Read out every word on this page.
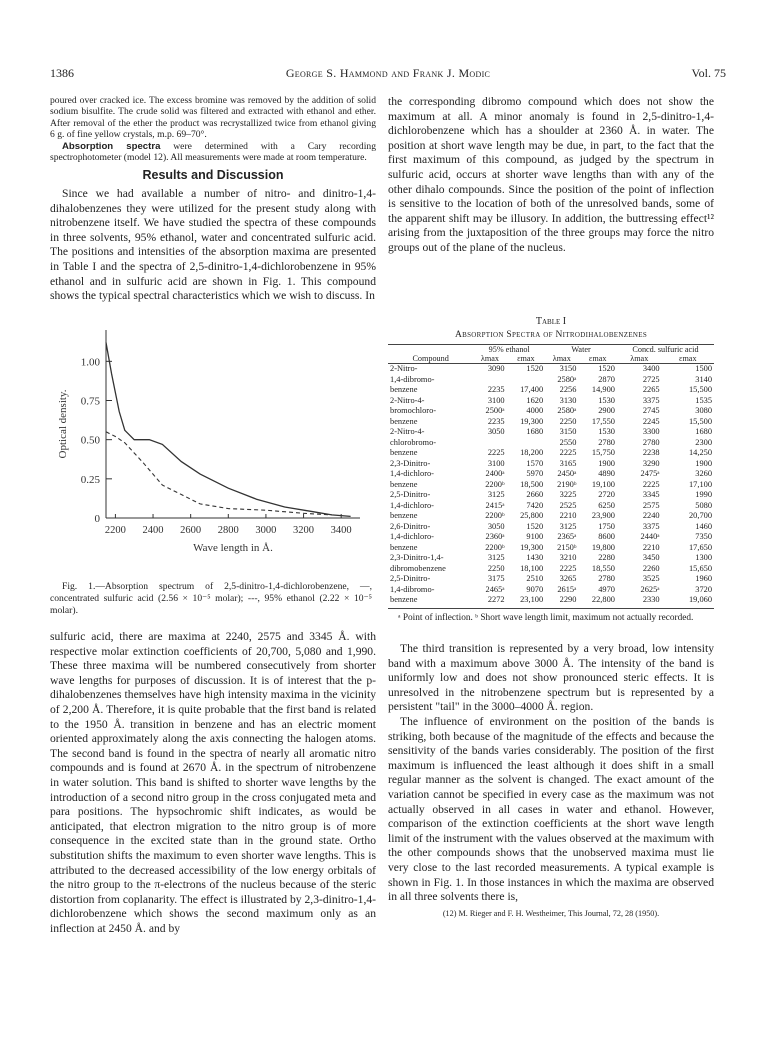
1386	George S. Hammond and Frank J. Modic	Vol. 75

poured over cracked ice. The excess bromine was removed by the addition of solid sodium bisulfite. The crude solid was filtered and extracted with ethanol and ether. After removal of the ether the product was recrystallized twice from ethanol giving 6 g. of fine yellow crystals, m.p. 69–70°.

Absorption spectra were determined with a Cary recording spectrophotometer (model 12). All measurements were made at room temperature.

Results and Discussion

Since we had available a number of nitro- and dinitro-1,4-dihalobenzenes they were utilized for the present study along with nitrobenzene itself. We have studied the spectra of these compounds in three solvents, 95% ethanol, water and concentrated sulfuric acid. The positions and intensities of the absorption maxima are presented in Table I and the spectra of 2,5-dinitro-1,4-dichlorobenzene in 95% ethanol and in sulfuric acid are shown in Fig. 1. This compound shows the typical spectral characteristics which we wish to discuss. In

1.00
0.75
0.50
0.25
0
2200 2400 2600 2800 3000 3200 3400
Wave length in Å.
Optical density.

Fig. 1.—Absorption spectrum of 2,5-dinitro-1,4-dichlorobenzene, —, concentrated sulfuric acid (2.56 × 10⁻⁵ molar); ---, 95% ethanol (2.22 × 10⁻⁵ molar).

sulfuric acid, there are maxima at 2240, 2575 and 3345 Å. with respective molar extinction coefficients of 20,700, 5,080 and 1,990. These three maxima will be numbered consecutively from shorter wave lengths for purposes of discussion. It is of interest that the p-dihalobenzenes themselves have high intensity maxima in the vicinity of 2,200 Å. Therefore, it is quite probable that the first band is related to the 1950 Å. transition in benzene and has an electric moment oriented approximately along the axis connecting the halogen atoms. The second band is found in the spectra of nearly all aromatic nitro compounds and is found at 2670 Å. in the spectrum of nitrobenzene in water solution. This band is shifted to shorter wave lengths by the introduction of a second nitro group in the cross conjugated meta and para positions. The hypsochromic shift indicates, as would be anticipated, that electron migration to the nitro group is of more consequence in the excited state than in the ground state. Ortho substitution shifts the maximum to even shorter wave lengths. This is attributed to the decreased accessibility of the low energy orbitals of the nitro group to the π-electrons of the nucleus because of the steric distortion from coplanarity. The effect is illustrated by 2,3-dinitro-1,4-dichlorobenzene which shows the second maximum only as an inflection at 2450 Å. and by

the corresponding dibromo compound which does not show the maximum at all. A minor anomaly is found in 2,5-dinitro-1,4-dichlorobenzene which has a shoulder at 2360 Å. in water. The position at short wave length may be due, in part, to the fact that the first maximum of this compound, as judged by the spectrum in sulfuric acid, occurs at shorter wave lengths than with any of the other dihalo compounds. Since the position of the point of inflection is sensitive to the location of both of the unresolved bands, some of the apparent shift may be illusory. In addition, the buttressing effect¹² arising from the juxtaposition of the three groups may force the nitro groups out of the plane of the nucleus.

Table I
Absorption Spectra of Nitrodihalobenzenes
Compound	95% ethanol		Water		Concd. sulfuric acid	
	λmax	εmax	λmax	εmax	λmax	εmax
2-Nitro-	3090	1520	3150	1520	3400	1500
1,4-dibromo-			2580ᵃ	2870	2725	3140
benzene	2235	17,400	2256	14,900	2265	15,500
2-Nitro-4-	3100	1620	3130	1530	3375	1535
bromochloro-	2500ᵃ	4000	2580ᵃ	2900	2745	3080
benzene	2235	19,300	2250	17,550	2245	15,500
2-Nitro-4-	3050	1680	3150	1530	3300	1680
chlorobromo-			2550	2780	2780	2300
benzene	2225	18,200	2225	15,750	2238	14,250
2,3-Dinitro-	3100	1570	3165	1900	3290	1900
1,4-dichloro-	2400ᵃ	5970	2450ᵃ	4890	2475ᵃ	3260
benzene	2200ᵇ	18,500	2190ᵇ	19,100	2225	17,100
2,5-Dinitro-	3125	2660	3225	2720	3345	1990
1,4-dichloro-	2415ᵃ	7420	2525	6250	2575	5080
benzene	2200ᵇ	25,800	2210	23,900	2240	20,700
2,6-Dinitro-	3050	1520	3125	1750	3375	1460
1,4-dichloro-	2360ᵃ	9100	2365ᵃ	8600	2440ᵃ	7350
benzene	2200ᵇ	19,300	2150ᵇ	19,800	2210	17,650
2,3-Dinitro-1,4-	3125	1430	3210	2280	3450	1300
dibromobenzene	2250	18,100	2225	18,550	2260	15,650
2,5-Dinitro-	3175	2510	3265	2780	3525	1960
1,4-dibromo-	2465ᵃ	9070	2615ᵃ	4970	2625ᵃ	3720
benzene	2272	23,100	2290	22,800	2330	19,060
ᵃ Point of inflection. ᵇ Short wave length limit, maximum not actually recorded.

The third transition is represented by a very broad, low intensity band with a maximum above 3000 Å. The intensity of the band is uniformly low and does not show pronounced steric effects. It is unresolved in the nitrobenzene spectrum but is represented by a persistent "tail" in the 3000–4000 Å. region.

The influence of environment on the position of the bands is striking, both because of the magnitude of the effects and because the sensitivity of the bands varies considerably. The position of the first maximum is influenced the least although it does shift in a small regular manner as the solvent is changed. The exact amount of the variation cannot be specified in every case as the maximum was not actually observed in all cases in water and ethanol. However, comparison of the extinction coefficients at the short wave length limit of the instrument with the values observed at the maximum with the other compounds shows that the unobserved maxima must lie very close to the last recorded measurements. A typical example is shown in Fig. 1. In those instances in which the maxima are observed in all three solvents there is,

(12) M. Rieger and F. H. Westheimer, This Journal, 72, 28 (1950).
